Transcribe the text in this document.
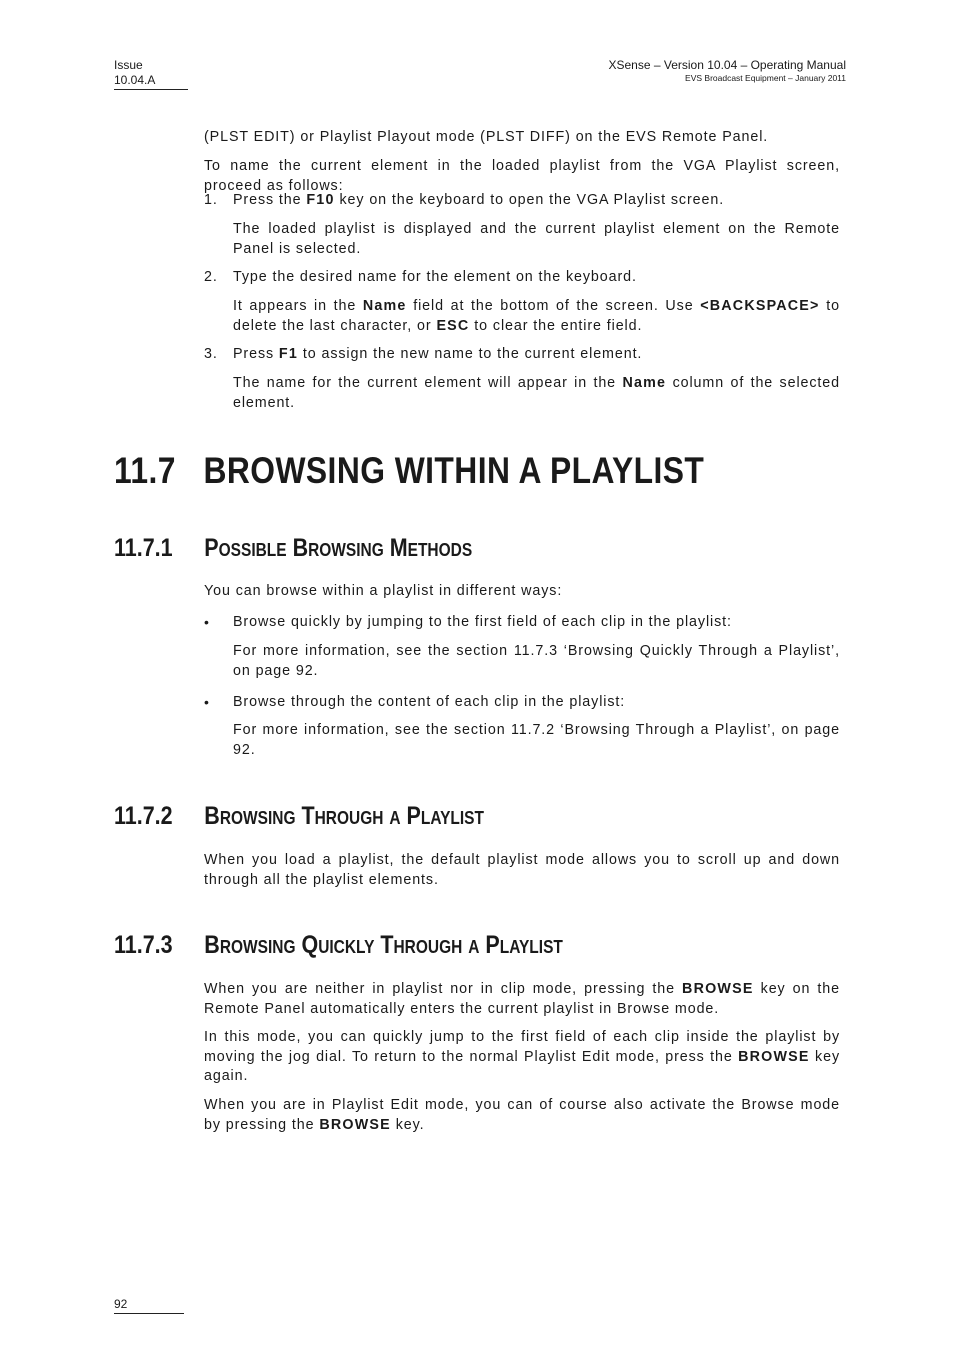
Issue
10.04.A
XSense – Version 10.04 – Operating Manual
EVS Broadcast Equipment – January 2011

(PLST EDIT) or Playlist Playout mode (PLST DIFF) on the EVS Remote Panel.

To name the current element in the loaded playlist from the VGA Playlist screen, proceed as follows:

1. Press the F10 key on the keyboard to open the VGA Playlist screen.

The loaded playlist is displayed and the current playlist element on the Remote Panel is selected.

2. Type the desired name for the element on the keyboard.

It appears in the Name field at the bottom of the screen. Use <BACKSPACE> to delete the last character, or ESC to clear the entire field.

3. Press F1 to assign the new name to the current element.

The name for the current element will appear in the Name column of the selected element.

11.7 BROWSING WITHIN A PLAYLIST
11.7.1 Possible Browsing Methods

You can browse within a playlist in different ways:

• Browse quickly by jumping to the first field of each clip in the playlist:

For more information, see the section 11.7.3 ‘Browsing Quickly Through a Playlist’, on page 92.

• Browse through the content of each clip in the playlist:

For more information, see the section 11.7.2 ‘Browsing Through a Playlist’, on page 92.

11.7.2 Browsing Through a Playlist

When you load a playlist, the default playlist mode allows you to scroll up and down through all the playlist elements.

11.7.3 Browsing Quickly Through a Playlist

When you are neither in playlist nor in clip mode, pressing the BROWSE key on the Remote Panel automatically enters the current playlist in Browse mode.

In this mode, you can quickly jump to the first field of each clip inside the playlist by moving the jog dial. To return to the normal Playlist Edit mode, press the BROWSE key again.

When you are in Playlist Edit mode, you can of course also activate the Browse mode by pressing the BROWSE key.

92
